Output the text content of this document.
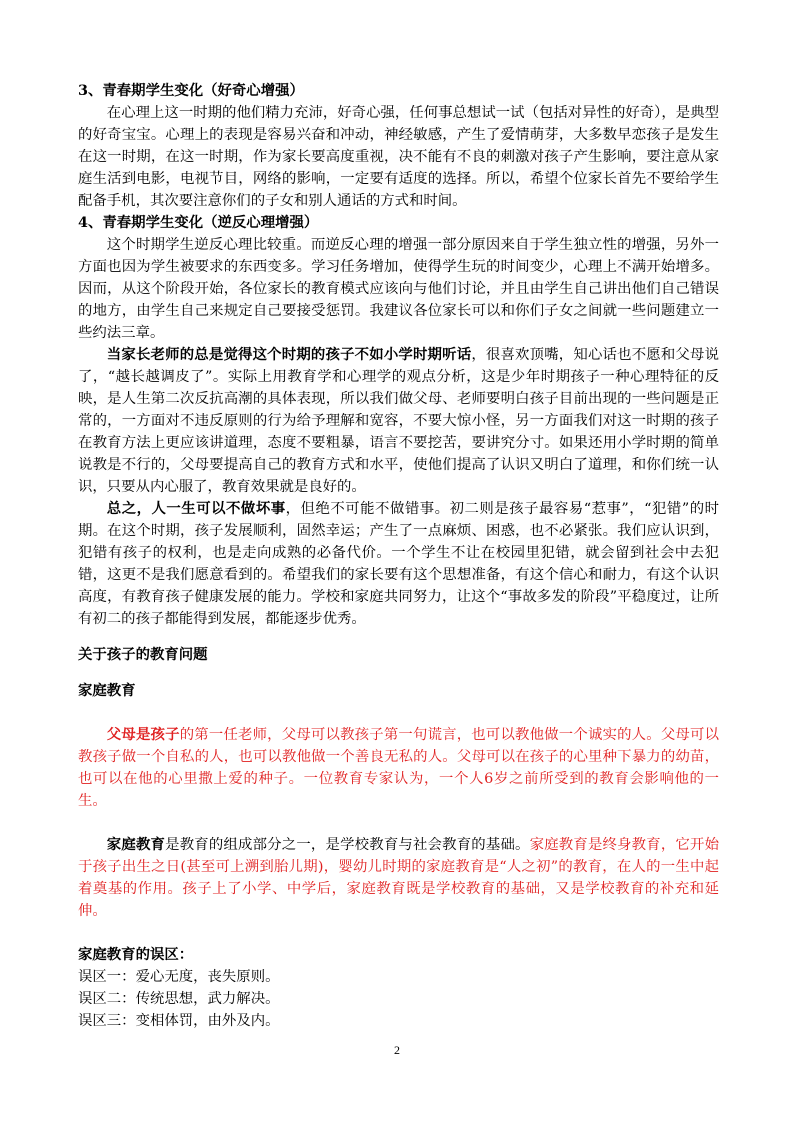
3、青春期学生变化（好奇心增强）

在心理上这一时期的他们精力充沛，好奇心强，任何事总想试一试（包括对异性的好奇），是典型的好奇宝宝。心理上的表现是容易兴奋和冲动，神经敏感，产生了爱情萌芽，大多数早恋孩子是发生在这一时期，在这一时期，作为家长要高度重视，决不能有不良的刺激对孩子产生影响，要注意从家庭生活到电影，电视节目，网络的影响，一定要有适度的选择。所以，希望个位家长首先不要给学生配备手机，其次要注意你们的子女和别人通话的方式和时间。

4、青春期学生变化（逆反心理增强）

这个时期学生逆反心理比较重。而逆反心理的增强一部分原因来自于学生独立性的增强，另外一方面也因为学生被要求的东西变多。学习任务增加，使得学生玩的时间变少，心理上不满开始增多。因而，从这个阶段开始，各位家长的教育模式应该向与他们讨论，并且由学生自己讲出他们自己错误的地方，由学生自己来规定自己要接受惩罚。我建议各位家长可以和你们子女之间就一些问题建立一些约法三章。

当家长老师的总是觉得这个时期的孩子不如小学时期听话，很喜欢顶嘴，知心话也不愿和父母说了，“越长越调皮了”。实际上用教育学和心理学的观点分析，这是少年时期孩子一种心理特征的反映，是人生第二次反抗高潮的具体表现，所以我们做父母、老师要明白孩子目前出现的一些问题是正常的，一方面对不违反原则的行为给予理解和宽容，不要大惊小怪，另一方面我们对这一时期的孩子在教育方法上更应该讲道理，态度不要粗暴，语言不要挖苦，要讲究分寸。如果还用小学时期的简单说教是不行的，父母要提高自己的教育方式和水平，使他们提高了认识又明白了道理，和你们统一认识，只要从内心服了，教育效果就是良好的。

总之，人一生可以不做坏事，但绝不可能不做错事。初二则是孩子最容易“惹事”，“犯错”的时期。在这个时期，孩子发展顺利，固然幸运；产生了一点麻烦、困惑，也不必紧张。我们应认识到，犯错有孩子的权利，也是走向成熟的必备代价。一个学生不让在校园里犯错，就会留到社会中去犯错，这更不是我们愿意看到的。希望我们的家长要有这个思想准备，有这个信心和耐力，有这个认识高度，有教育孩子健康发展的能力。学校和家庭共同努力，让这个“事故多发的阶段”平稳度过，让所有初二的孩子都能得到发展，都能逐步优秀。

关于孩子的教育问题

家庭教育

父母是孩子的第一任老师，父母可以教孩子第一句谎言，也可以教他做一个诚实的人。父母可以教孩子做一个自私的人，也可以教他做一个善良无私的人。父母可以在孩子的心里种下暴力的幼苗，也可以在他的心里撒上爱的种子。一位教育专家认为，一个人6岁之前所受到的教育会影响他的一生。

家庭教育是教育的组成部分之一，是学校教育与社会教育的基础。家庭教育是终身教育，它开始于孩子出生之日(甚至可上溯到胎儿期)，婴幼儿时期的家庭教育是“人之初”的教育，在人的一生中起着奠基的作用。孩子上了小学、中学后，家庭教育既是学校教育的基础，又是学校教育的补充和延伸。

家庭教育的误区：

误区一：爱心无度，丧失原则。

误区二：传统思想，武力解决。

误区三：变相体罚，由外及内。

2
